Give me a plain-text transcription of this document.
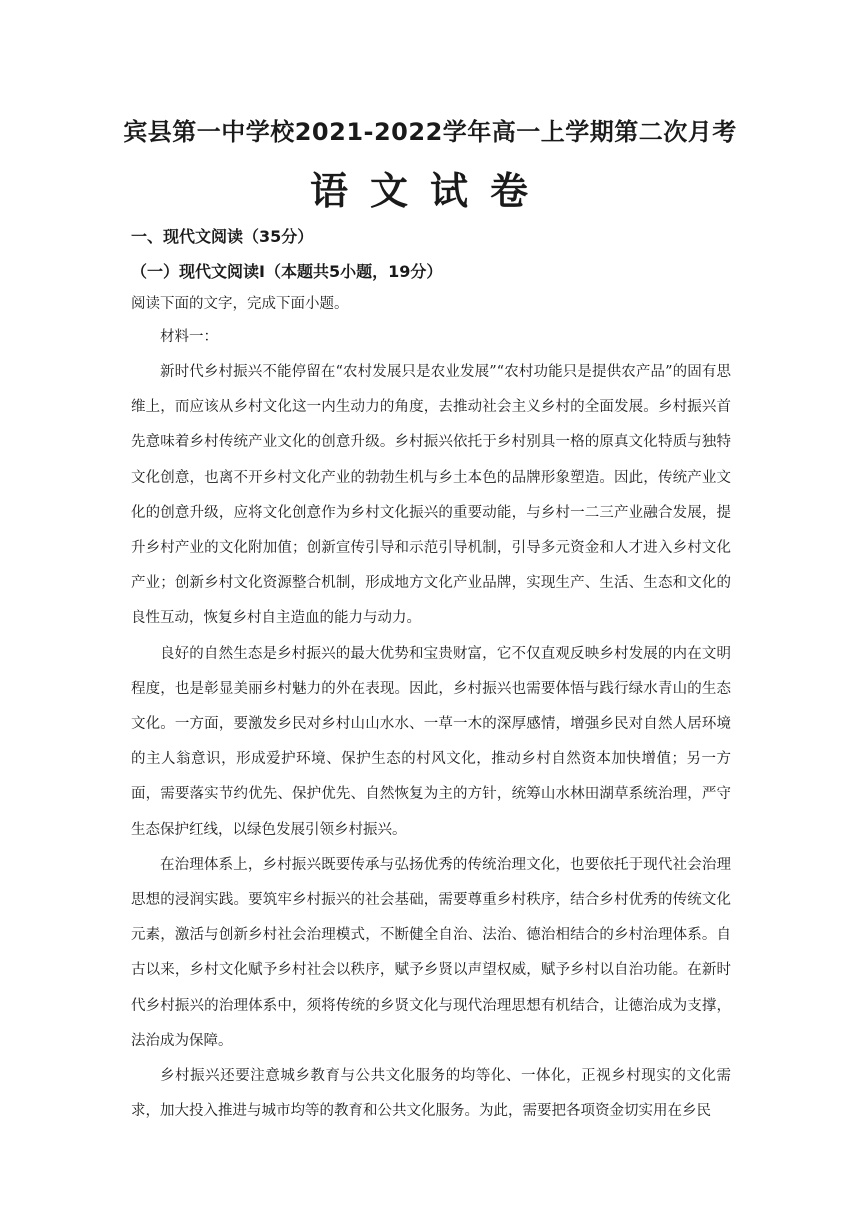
宾县第一中学校2021-2022学年高一上学期第二次月考
语文试卷
一、现代文阅读（35分）
（一）现代文阅读Ⅰ（本题共5小题，19分）
阅读下面的文字，完成下面小题。
材料一：

新时代乡村振兴不能停留在“农村发展只是农业发展”“农村功能只是提供农产品”的固有思维上，而应该从乡村文化这一内生动力的角度，去推动社会主义乡村的全面发展。乡村振兴首先意味着乡村传统产业文化的创意升级。乡村振兴依托于乡村别具一格的原真文化特质与独特文化创意，也离不开乡村文化产业的勃勃生机与乡土本色的品牌形象塑造。因此，传统产业文化的创意升级，应将文化创意作为乡村文化振兴的重要动能，与乡村一二三产业融合发展，提升乡村产业的文化附加值；创新宣传引导和示范引导机制，引导多元资金和人才进入乡村文化产业；创新乡村文化资源整合机制，形成地方文化产业品牌，实现生产、生活、生态和文化的良性互动，恢复乡村自主造血的能力与动力。

良好的自然生态是乡村振兴的最大优势和宝贵财富，它不仅直观反映乡村发展的内在文明程度，也是彰显美丽乡村魅力的外在表现。因此，乡村振兴也需要体悟与践行绿水青山的生态文化。一方面，要激发乡民对乡村山山水水、一草一木的深厚感情，增强乡民对自然人居环境的主人翁意识，形成爱护环境、保护生态的村风文化，推动乡村自然资本加快增值；另一方面，需要落实节约优先、保护优先、自然恢复为主的方针，统筹山水林田湖草系统治理，严守生态保护红线，以绿色发展引领乡村振兴。

在治理体系上，乡村振兴既要传承与弘扬优秀的传统治理文化，也要依托于现代社会治理思想的浸润实践。要筑牢乡村振兴的社会基础，需要尊重乡村秩序，结合乡村优秀的传统文化元素，激活与创新乡村社会治理模式，不断健全自治、法治、德治相结合的乡村治理体系。自古以来，乡村文化赋予乡村社会以秩序，赋予乡贤以声望权威，赋予乡村以自治功能。在新时代乡村振兴的治理体系中，须将传统的乡贤文化与现代治理思想有机结合，让德治成为支撑，法治成为保障。

乡村振兴还要注意城乡教育与公共文化服务的均等化、一体化，正视乡村现实的文化需求，加大投入推进与城市均等的教育和公共文化服务。为此，需要把各项资金切实用在乡民
